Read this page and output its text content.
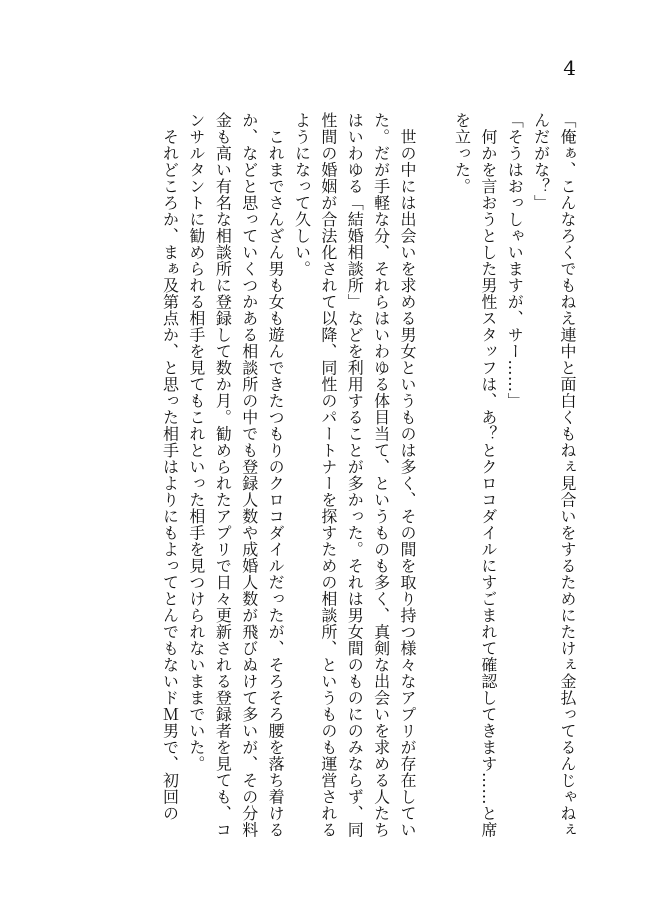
4

「俺ぁ、こんなろくでもねえ連中と面白くもねぇ見合いをするためにたけぇ金払ってるんじゃねぇんだがな？」

「そうはおっしゃいますが、サー……」

　何かを言おうとした男性スタッフは、あ？とクロコダイルにすごまれて確認してきます……と席を立った。

　世の中には出会いを求める男女というものは多く、その間を取り持つ様々なアプリが存在していた。だが手軽な分、それらはいわゆる体目当て、というものも多く、真剣な出会いを求める人たちはいわゆる「結婚相談所」などを利用することが多かった。それは男女間のものにのみならず、同性間の婚姻が合法化されて以降、同性のパートナーを探すための相談所、というものも運営されるようになって久しい。

　これまでさんざん男も女も遊んできたつもりのクロコダイルだったが、そろそろ腰を落ち着けるか、などと思っていくつかある相談所の中でも登録人数や成婚人数が飛びぬけて多いが、その分料金も高い有名な相談所に登録して数か月。勧められたアプリで日々更新される登録者を見ても、コンサルタントに勧められる相手を見てもこれといった相手を見つけられないままでいた。

　それどころか、まぁ及第点か、と思った相手はよりにもよってとんでもないドＭ男で、初回の
